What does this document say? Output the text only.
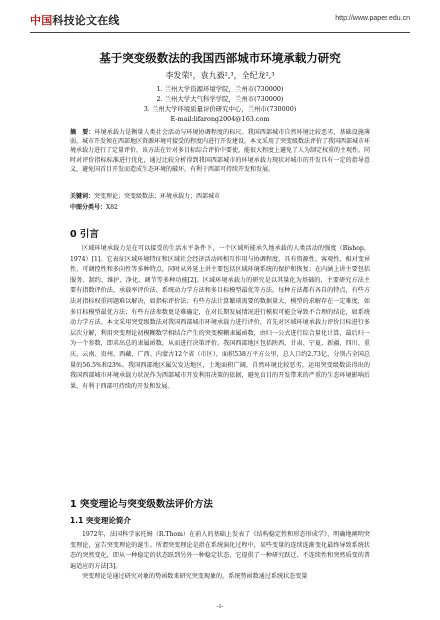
中国科技论文在线	http://www.paper.edu.cn
基于突变级数法的我国西部城市环境承载力研究
李发荣¹，袁九毅²,³，全纪龙²,³
1. 兰州大学资源环境学院，兰州市(730000)
2. 兰州大学大气科学学院，兰州市(730000)
3. 兰州大学环境质量评价研究中心，兰州市(730000)
E-mail:lifarong2004@163.com
摘　要：环境承载力是衡量人类社会活动与环境协调程度的标尺。我国西部城市自然环境比较恶劣，基础设施薄弱，城市开发须在西部地区资源环境可接受的程度内进行开发建设。本文采用了突变级数法评价了我国西部城市环境承载力进行了定量评价，该方法在针对多目标综合评价中要使，能很大程度上避免了人为制定权重的主观性。同时对评价指标标准进行优化，通过比较分析得到我国西部城市的环境承载力现状对城市的开发具有一定的指导意义，避免国首目开发而造成生态环境的破坏，有利于西部可持续开发和发展。
关键词：突变理论；突变级数法；环境承载力；西部城市
中图分类号：X82
0 引言

区域环境承载力是在可以接受的生活水平条件下，一个区域所能承久地承载的人类活动的强度（Bishop，1974）[1]。它表征区域环境特征和区域社会经济活动间相互作用与协调程度，具有资源性、客观性、相对变异性、可调控性和多向性等多种特点，同时从外延上讲主要包括区域环境系统的保护和恢复；在内涵上讲主要包括服务、制约、维护、净化、调节等多种功能[2]。区域环境承载力的研究是以其量化为基础的，主要研究方法主要有指数评价法、承载率评价法、系统动力学方法和多目标模型最优等方法。每种方法都有各自的特点，有些方法对指标权重问题难以解决，如指标评价法；有些方法计算繁琐需要的数据量大，模型的求解存在一定难度，如多目标模型最优方法；有些方法参数更是难确定，在对长期发展情况进行模拟可能会导致不合理的结论，如系统动力学方法。本文采用突变级数法对我国西部城市环境承载力进行评价，首先对区域环境承载力评价目标进行多层次分解，利用突变理论初模糊数学相结合产生的突变模糊隶属函数，由归一公式进行综合量化计算，最后归一为一个参数，即求出总的隶属函数，从而进行决策评价。我国西部地区包括陕西、甘肃、宁夏、新疆、四川、重庆、云南、贵州、西藏、广西、内蒙古12个省（市区），面积538万平方公里，总人口约2.73亿，分别占全国总量的56.5%和23%。我国西部地区属欠发达地区，土地面积广阔，自然环境比较恶劣，运用突变级数法得出的我国西部城市环境承载力状况作为西部城市开发利用决策的依据，避免盲目的开发带来的严重的生态环境影响后果，有利于西部可持续的开发和发展。

1 突变理论与突变级数法评价方法
1.1 突变理论简介

1972年，法国科学家托姆（R.Thom）在前人的基础上发表了《结构稳定性和形态形成学》，明确地阐明突变理论，宣告突变理论的诞生。所谓突变理论是指在系统演化过程中，某些变量的连续连渐变化最终导致系统状态的突然变化，即从一种稳定的状态跃到另外一种稳定状态，它提供了一种研究跃迁、不连续性和突然质变的普遍适应的方法[3]。

突变理论是通过研究对象的势函数来研究突变现象的。系统势函数通过系统状态变量

-1-
